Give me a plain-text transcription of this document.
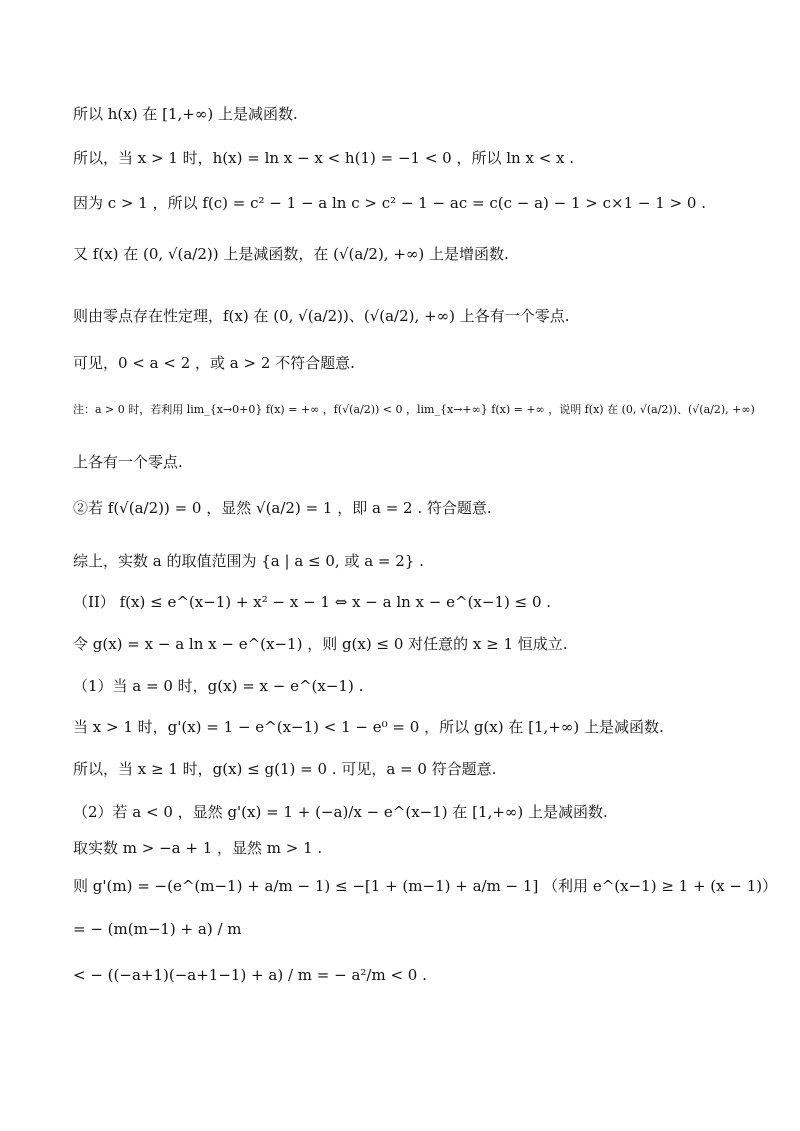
所以 h(x) 在 [1,+∞) 上是减函数.
所以，当 x > 1 时，h(x) = ln x − x < h(1) = −1 < 0 ，所以 ln x < x .
因为 c > 1 ，所以 f(c) = c² − 1 − a ln c > c² − 1 − ac = c(c − a) − 1 > c×1 − 1 > 0 .
又 f(x) 在 (0, √(a/2)) 上是减函数，在 (√(a/2), +∞) 上是增函数.
则由零点存在性定理，f(x) 在 (0, √(a/2))、(√(a/2), +∞) 上各有一个零点.
可见，0 < a < 2 ，或 a > 2 不符合题意.
注：a > 0 时，若利用 lim_{x→0+0} f(x) = +∞ ，f(√(a/2)) < 0 ，lim_{x→+∞} f(x) = +∞ ，说明 f(x) 在 (0, √(a/2))、(√(a/2), +∞)
上各有一个零点.
②若 f(√(a/2)) = 0 ，显然 √(a/2) = 1 ，即 a = 2 . 符合题意.
综上，实数 a 的取值范围为 {a | a ≤ 0, 或 a = 2} .
（II） f(x) ≤ e^(x−1) + x² − x − 1 ⇔ x − a ln x − e^(x−1) ≤ 0 .
令 g(x) = x − a ln x − e^(x−1) ，则 g(x) ≤ 0 对任意的 x ≥ 1 恒成立.
（1）当 a = 0 时，g(x) = x − e^(x−1) .
当 x > 1 时，g'(x) = 1 − e^(x−1) < 1 − e⁰ = 0 ，所以 g(x) 在 [1,+∞) 上是减函数.
所以，当 x ≥ 1 时，g(x) ≤ g(1) = 0 . 可见，a = 0 符合题意.
（2）若 a < 0 ，显然 g'(x) = 1 + (−a)/x − e^(x−1) 在 [1,+∞) 上是减函数.
取实数 m > −a + 1 ，显然 m > 1 .
则 g'(m) = −(e^(m−1) + a/m − 1) ≤ −[1 + (m−1) + a/m − 1] （利用 e^(x−1) ≥ 1 + (x − 1)）
= − (m(m−1) + a) / m
< − ((−a+1)(−a+1−1) + a) / m = − a²/m < 0 .
